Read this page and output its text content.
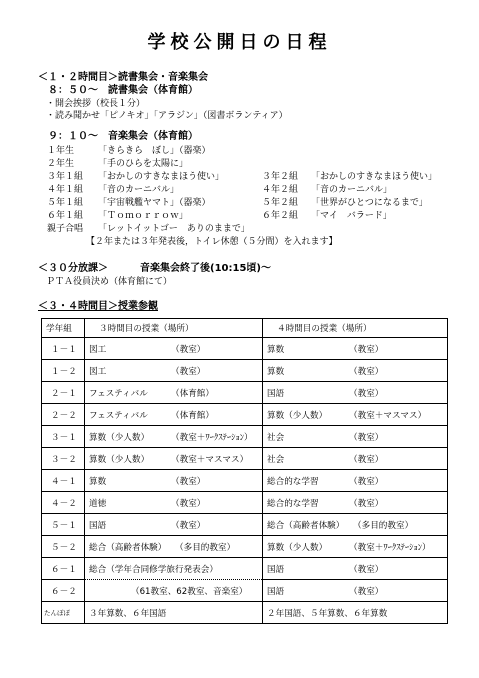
学校公開日の日程
＜１・２時間目＞読書集会・音楽集会
８：５０〜　読書集会（体育館）
・開会挨拶（校長１分）
・読み聞かせ「ピノキオ」「アラジン」（図書ボランティア）
９：１０〜　音楽集会（体育館）
１年生	「きらきら　ぼし」（器楽）
２年生	「手のひらを太陽に」
３年１組 「おかしのすきなまほう使い」	３年２組 「おかしのすきなまほう使い」
４年１組 「音のカーニバル」	４年２組 「音のカーニバル」
５年１組 「宇宙戦艦ヤマト」（器楽）	５年２組 「世界がひとつになるまで」
６年１組 「Ｔｏｍｏｒｒｏｗ」	６年２組 「マイ　バラード」
親子合唱 「レットイットゴー　ありのままで」
【２年または３年発表後，トイレ休憩（５分間）を入れます】
＜３０分放課＞	音楽集会終了後(10:15頃)〜
ＰＴＡ役員決め（体育館にて）
＜３・４時間目＞授業参観
学年組	３時間目の授業（場所）	４時間目の授業（場所）
１－１	図工 （教室）	算数 （教室）
１－２	図工 （教室）	算数 （教室）
２－１	フェスティバル （体育館）	国語 （教室）
２－２	フェスティバル （体育館）	算数（少人数） （教室＋マスマス）
３－１	算数（少人数） （教室＋ﾜｰｸｽﾃｰｼｮﾝ）	社会 （教室）
３－２	算数（少人数） （教室＋マスマス）	社会 （教室）
４－１	算数 （教室）	総合的な学習 （教室）
４－２	道徳 （教室）	総合的な学習 （教室）
５－１	国語 （教室）	総合（高齢者体験） （多目的教室）
５－２	総合（高齢者体験） （多目的教室）	算数（少人数） （教室＋ﾜｰｸｽﾃｰｼｮﾝ）
６－１	総合（学年合同修学旅行発表会）	国語 （教室）
６－２	（61教室、62教室、音楽室）	国語 （教室）
たんぽぽ	３年算数、６年国語	２年国語、５年算数、６年算数
